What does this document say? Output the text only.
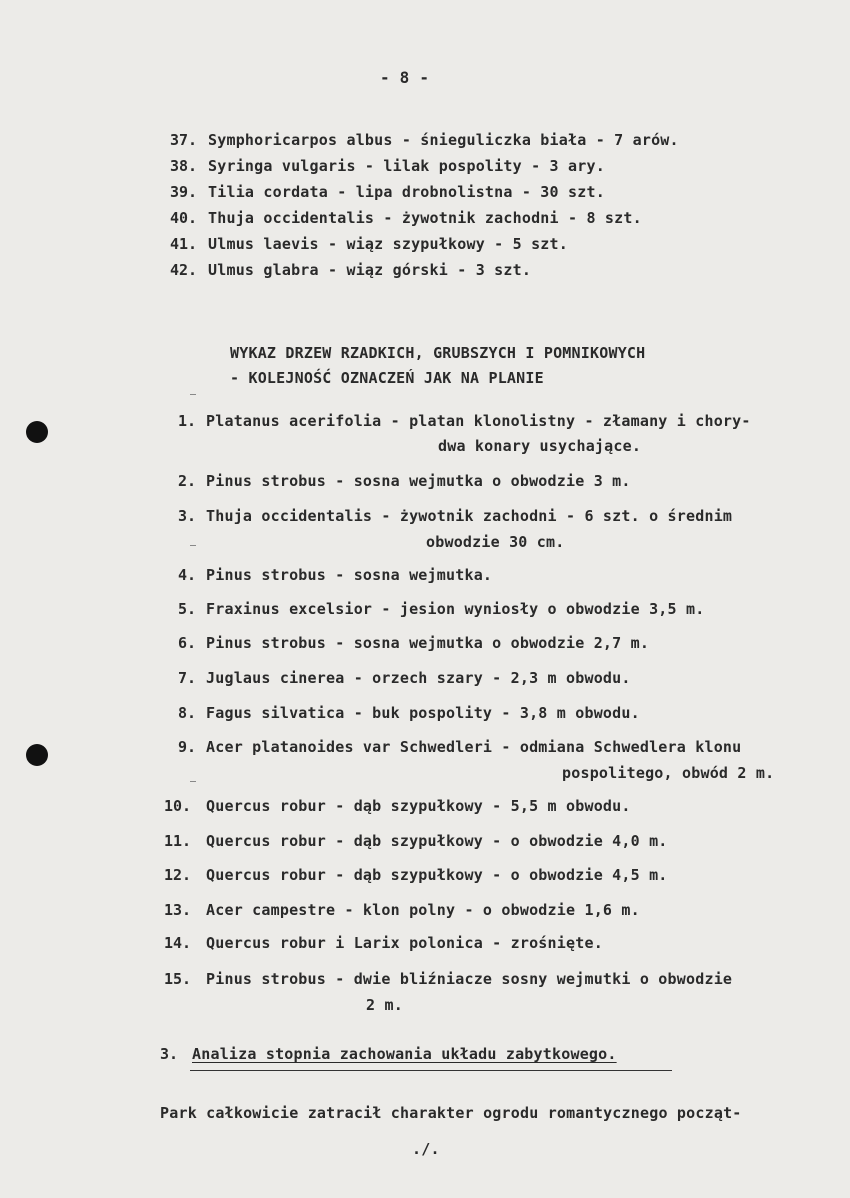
- 8 -
37. Symphoricarpos albus - śnieguliczka biała - 7 arów.
38. Syringa vulgaris - lilak pospolity - 3 ary.
39. Tilia cordata - lipa drobnolistna - 30 szt.
40. Thuja occidentalis - żywotnik zachodni - 8 szt.
41. Ulmus laevis - wiąz szypułkowy - 5 szt.
42. Ulmus glabra - wiąz górski - 3 szt.
WYKAZ DRZEW RZADKICH, GRUBSZYCH I POMNIKOWYCH
- KOLEJNOŚĆ OZNACZEŃ JAK NA PLANIE
1. Platanus acerifolia - platan klonolistny - złamany i chory-
dwa konary usychające.
2. Pinus strobus - sosna wejmutka o obwodzie 3 m.
3. Thuja occidentalis - żywotnik zachodni - 6 szt. o średnim
obwodzie 30 cm.
4. Pinus strobus - sosna wejmutka.
5. Fraxinus excelsior - jesion wyniosły o obwodzie 3,5 m.
6. Pinus strobus - sosna wejmutka o obwodzie 2,7 m.
7. Juglaus cinerea - orzech szary - 2,3 m obwodu.
8. Fagus silvatica - buk pospolity - 3,8 m obwodu.
9. Acer platanoides var Schwedleri - odmiana Schwedlera klonu
pospolitego, obwód 2 m.
10. Quercus robur - dąb szypułkowy - 5,5 m obwodu.
11. Quercus robur - dąb szypułkowy - o obwodzie 4,0 m.
12. Quercus robur - dąb szypułkowy - o obwodzie 4,5 m.
13. Acer campestre - klon polny - o obwodzie 1,6 m.
14. Quercus robur i Larix polonica - zrośnięte.
15. Pinus strobus - dwie bliźniacze sosny wejmutki o obwodzie
2 m.
3. Analiza stopnia zachowania układu zabytkowego.
Park całkowicie zatracił charakter ogrodu romantycznego począt-
./.
